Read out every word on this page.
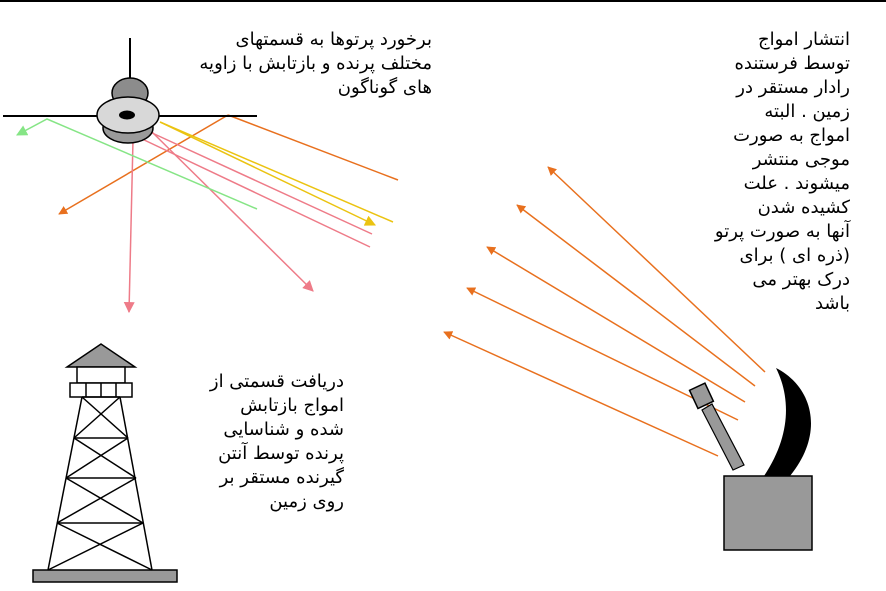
برخورد پرتوها به قسمتهای
مختلف پرنده و بازتابش با زاویه
های گوناگون
انتشار امواج
توسط فرستنده
رادار مستقر در
زمین . البته
امواج به صورت
موجی منتشر
میشوند . علت
کشیده شدن
آنها به صورت پرتو
(ذره ای ) برای
درک بهتر می
باشد
دریافت قسمتی از
امواج بازتابش
شده و شناسایی
پرنده توسط آنتن
گیرنده مستقر بر
روی زمین
